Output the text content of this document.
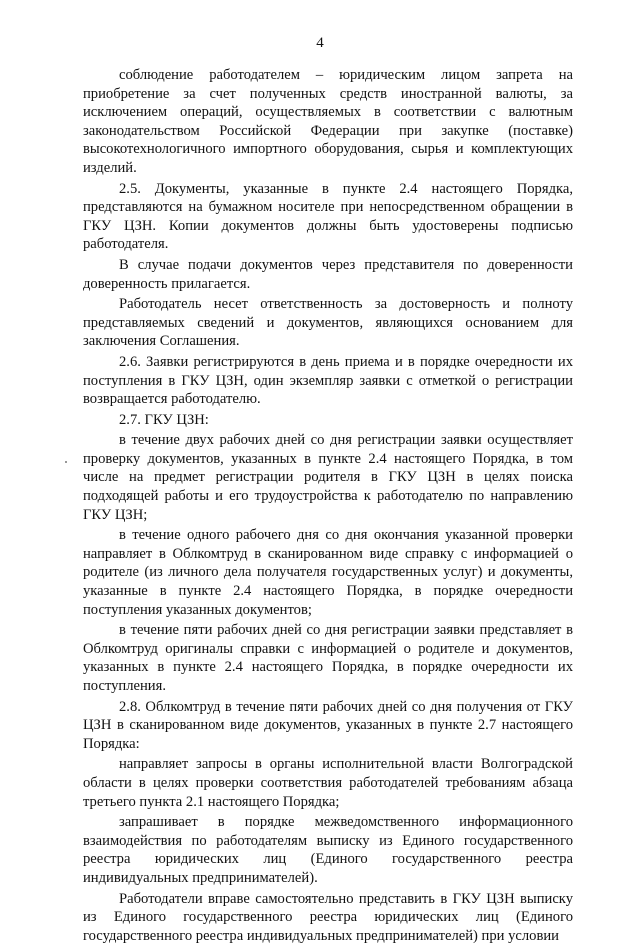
4

соблюдение работодателем – юридическим лицом запрета на приобретение за счет полученных средств иностранной валюты, за исключением операций, осуществляемых в соответствии с валютным законодательством Российской Федерации при закупке (поставке) высокотехнологичного импортного оборудования, сырья и комплектующих изделий.

2.5. Документы, указанные в пункте 2.4 настоящего Порядка, представляются на бумажном носителе при непосредственном обращении в ГКУ ЦЗН. Копии документов должны быть удостоверены подписью работодателя.

В случае подачи документов через представителя по доверенности доверенность прилагается.

Работодатель несет ответственность за достоверность и полноту представляемых сведений и документов, являющихся основанием для заключения Соглашения.

2.6. Заявки регистрируются в день приема и в порядке очередности их поступления в ГКУ ЦЗН, один экземпляр заявки с отметкой о регистрации возвращается работодателю.

2.7. ГКУ ЦЗН:

в течение двух рабочих дней со дня регистрации заявки осуществляет проверку документов, указанных в пункте 2.4 настоящего Порядка, в том числе на предмет регистрации родителя в ГКУ ЦЗН в целях поиска подходящей работы и его трудоустройства к работодателю по направлению ГКУ ЦЗН;

в течение одного рабочего дня со дня окончания указанной проверки направляет в Облкомтруд в сканированном виде справку с информацией о родителе (из личного дела получателя государственных услуг) и документы, указанные в пункте 2.4 настоящего Порядка, в порядке очередности поступления указанных документов;

в течение пяти рабочих дней со дня регистрации заявки представляет в Облкомтруд оригиналы справки с информацией о родителе и документов, указанных в пункте 2.4 настоящего Порядка, в порядке очередности их поступления.

2.8. Облкомтруд в течение пяти рабочих дней со дня получения от ГКУ ЦЗН в сканированном виде документов, указанных в пункте 2.7 настоящего Порядка:

направляет запросы в органы исполнительной власти Волгоградской области в целях проверки соответствия работодателей требованиям абзаца третьего пункта 2.1 настоящего Порядка;

запрашивает в порядке межведомственного информационного взаимодействия по работодателям выписку из Единого государственного реестра юридических лиц (Единого государственного реестра индивидуальных предпринимателей).

Работодатели вправе самостоятельно представить в ГКУ ЦЗН выписку из Единого государственного реестра юридических лиц (Единого государственного реестра индивидуальных предпринимателей) при условии
